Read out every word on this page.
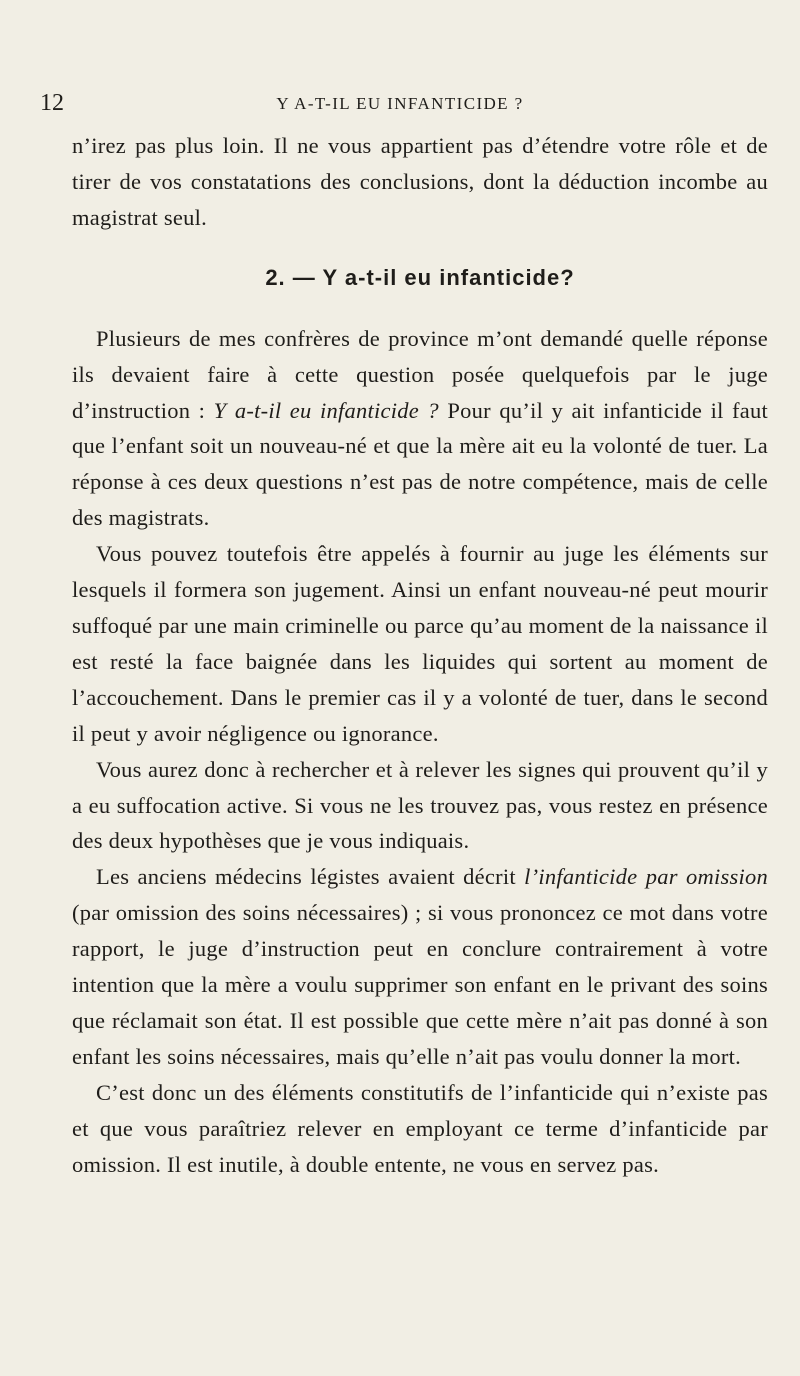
12	Y A-T-IL EU INFANTICIDE ?

n’irez pas plus loin. Il ne vous appartient pas d’étendre votre rôle et de tirer de vos constatations des conclusions, dont la déduction incombe au magistrat seul.

2. — Y a-t-il eu infanticide?

Plusieurs de mes confrères de province m’ont demandé quelle réponse ils devaient faire à cette question posée quelquefois par le juge d’instruction : Y a-t-il eu infanticide ? Pour qu’il y ait infanticide il faut que l’enfant soit un nouveau-né et que la mère ait eu la volonté de tuer. La réponse à ces deux questions n’est pas de notre compétence, mais de celle des magistrats.

Vous pouvez toutefois être appelés à fournir au juge les éléments sur lesquels il formera son jugement. Ainsi un enfant nouveau-né peut mourir suffoqué par une main criminelle ou parce qu’au moment de la naissance il est resté la face baignée dans les liquides qui sortent au moment de l’accouchement. Dans le premier cas il y a volonté de tuer, dans le second il peut y avoir négligence ou ignorance.

Vous aurez donc à rechercher et à relever les signes qui prouvent qu’il y a eu suffocation active. Si vous ne les trouvez pas, vous restez en présence des deux hypothèses que je vous indiquais.

Les anciens médecins légistes avaient décrit l’infanticide par omission (par omission des soins nécessaires) ; si vous prononcez ce mot dans votre rapport, le juge d’instruction peut en conclure contrairement à votre intention que la mère a voulu supprimer son enfant en le privant des soins que réclamait son état. Il est possible que cette mère n’ait pas donné à son enfant les soins nécessaires, mais qu’elle n’ait pas voulu donner la mort.

C’est donc un des éléments constitutifs de l’infanticide qui n’existe pas et que vous paraîtriez relever en employant ce terme d’infanticide par omission. Il est inutile, à double entente, ne vous en servez pas.
